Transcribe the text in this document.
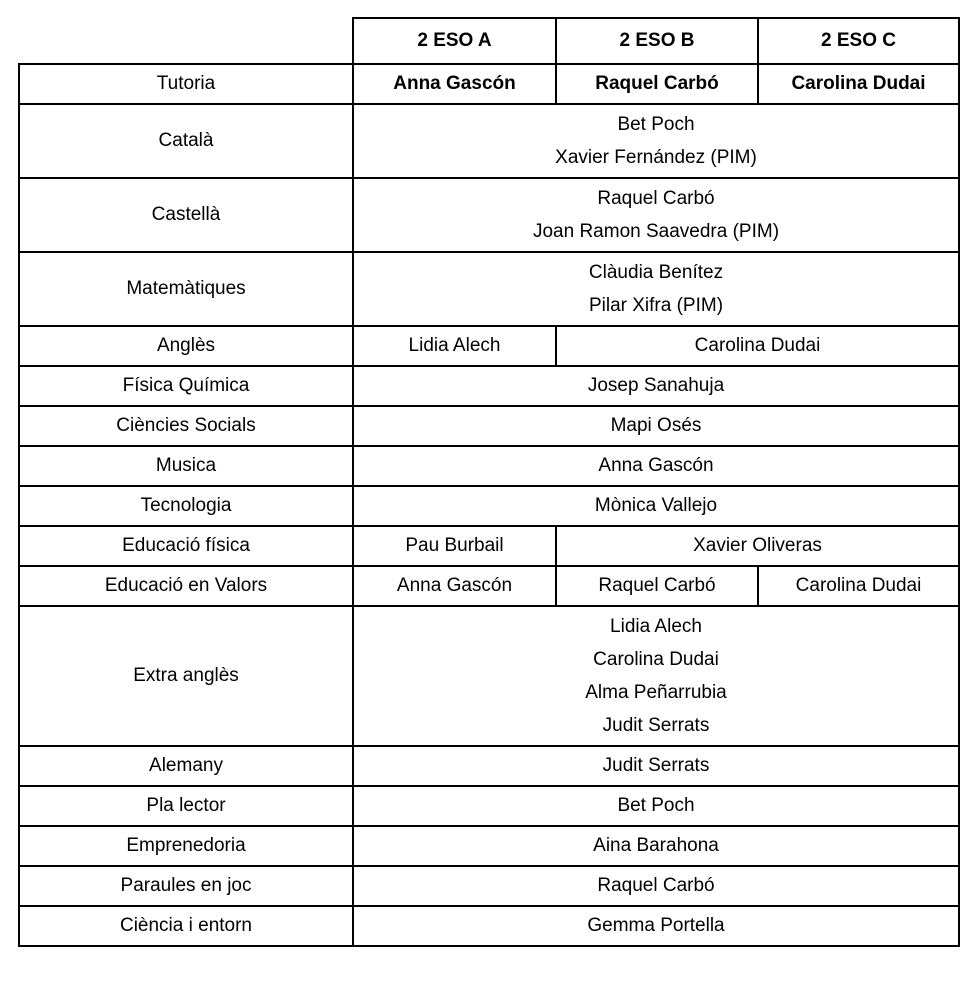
	2 ESO A	2 ESO B	2 ESO C
Tutoria	Anna Gascón	Raquel Carbó	Carolina Dudai
Català	Bet Poch
Xavier Fernández (PIM)		

Castellà	Raquel Carbó
Joan Ramon Saavedra (PIM)		

Matemàtiques	Clàudia Benítez
Pilar Xifra (PIM)		

Anglès	Lidia Alech	Carolina Dudai	
Física Química	Josep Sanahuja		
Ciències Socials	Mapi Osés		
Musica	Anna Gascón		
Tecnologia	Mònica Vallejo		
Educació física	Pau Burbail	Xavier Oliveras	
Educació en Valors	Anna Gascón	Raquel Carbó	Carolina Dudai
Extra anglès	Lidia Alech
Carolina Dudai
Alma Peñarrubia
Judit Serrats		

Alemany	Judit Serrats		
Pla lector	Bet Poch		
Emprenedoria	Aina Barahona		
Paraules en joc	Raquel Carbó		
Ciència i entorn	Gemma Portella		
